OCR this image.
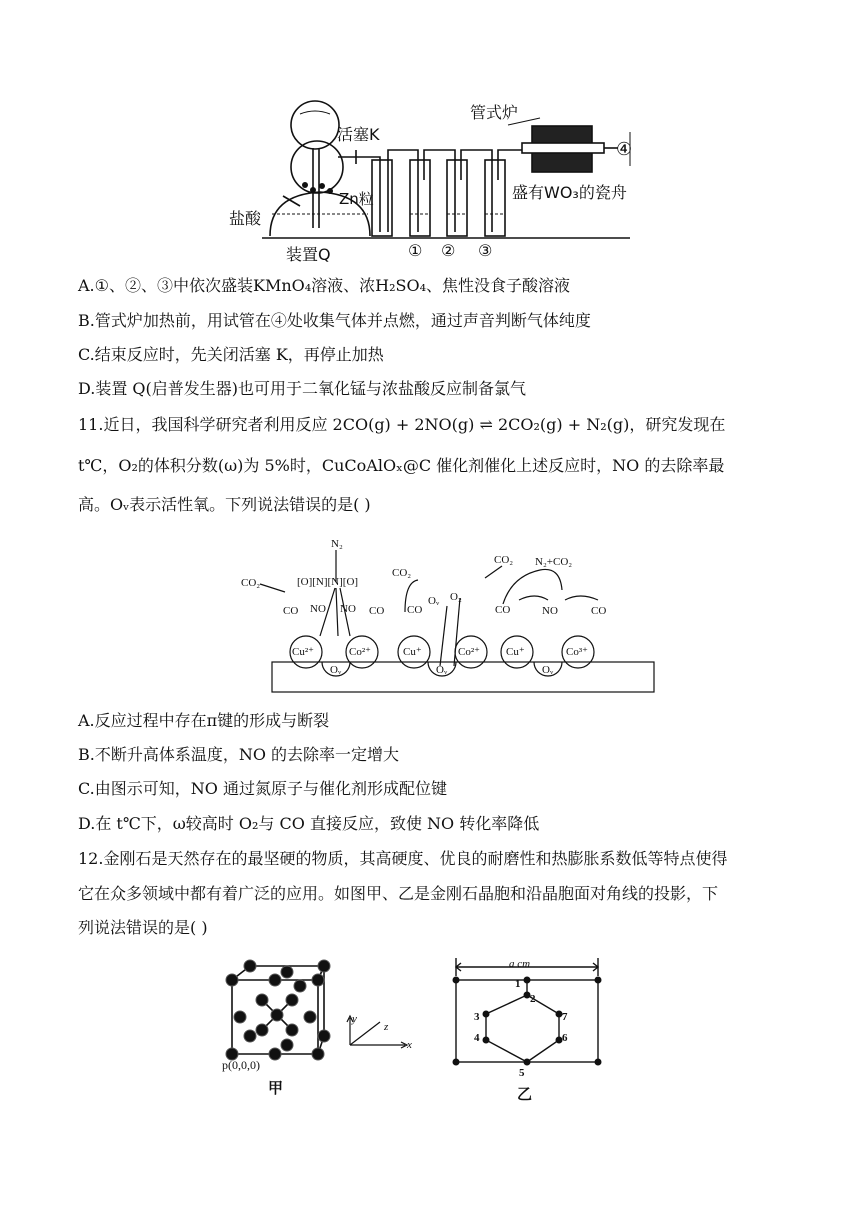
管式炉
活塞K
Zn粒
盐酸
盛有WO₃的瓷舟
装置Q	① ② ③
④
A.①、②、③中依次盛装KMnO₄溶液、浓H₂SO₄、焦性没食子酸溶液
B.管式炉加热前，用试管在④处收集气体并点燃，通过声音判断气体纯度
C.结束反应时，先关闭活塞 K，再停止加热
D.装置 Q(启普发生器)也可用于二氧化锰与浓盐酸反应制备氯气
11.近日，我国科学研究者利用反应 2CO(g) + 2NO(g) ⇌ 2CO₂(g) + N₂(g)，研究发现在
t℃，O₂的体积分数(ω)为 5%时，CuCoAlOₓ@C 催化剂催化上述反应时，NO 的去除率最
高。Oᵥ表示活性氧。下列说法错误的是( )
N₂
CO₂ N₂+CO₂
CO₂
CO₂
[O][N][N][O]
CO NO NO CO CO
O₂
CO	NO	CO
Oᵥ
Cu²⁺	Co²⁺	Cu⁺	Co²⁺ Cu⁺	Co³⁺
Oᵥ	Oᵥ	Oᵥ
A.反应过程中存在π键的形成与断裂
B.不断升高体系温度，NO 的去除率一定增大
C.由图示可知，NO 通过氮原子与催化剂形成配位键
D.在 t℃下，ω较高时 O₂与 CO 直接反应，致使 NO 转化率降低
12.金刚石是天然存在的最坚硬的物质，其高硬度、优良的耐磨性和热膨胀系数低等特点使得
它在众多领域中都有着广泛的应用。如图甲、乙是金刚石晶胞和沿晶胞面对角线的投影，下
列说法错误的是( )
p(0,0,0)
甲
y
z
x
乙
a cm
1
2
3
4
5
6
7
